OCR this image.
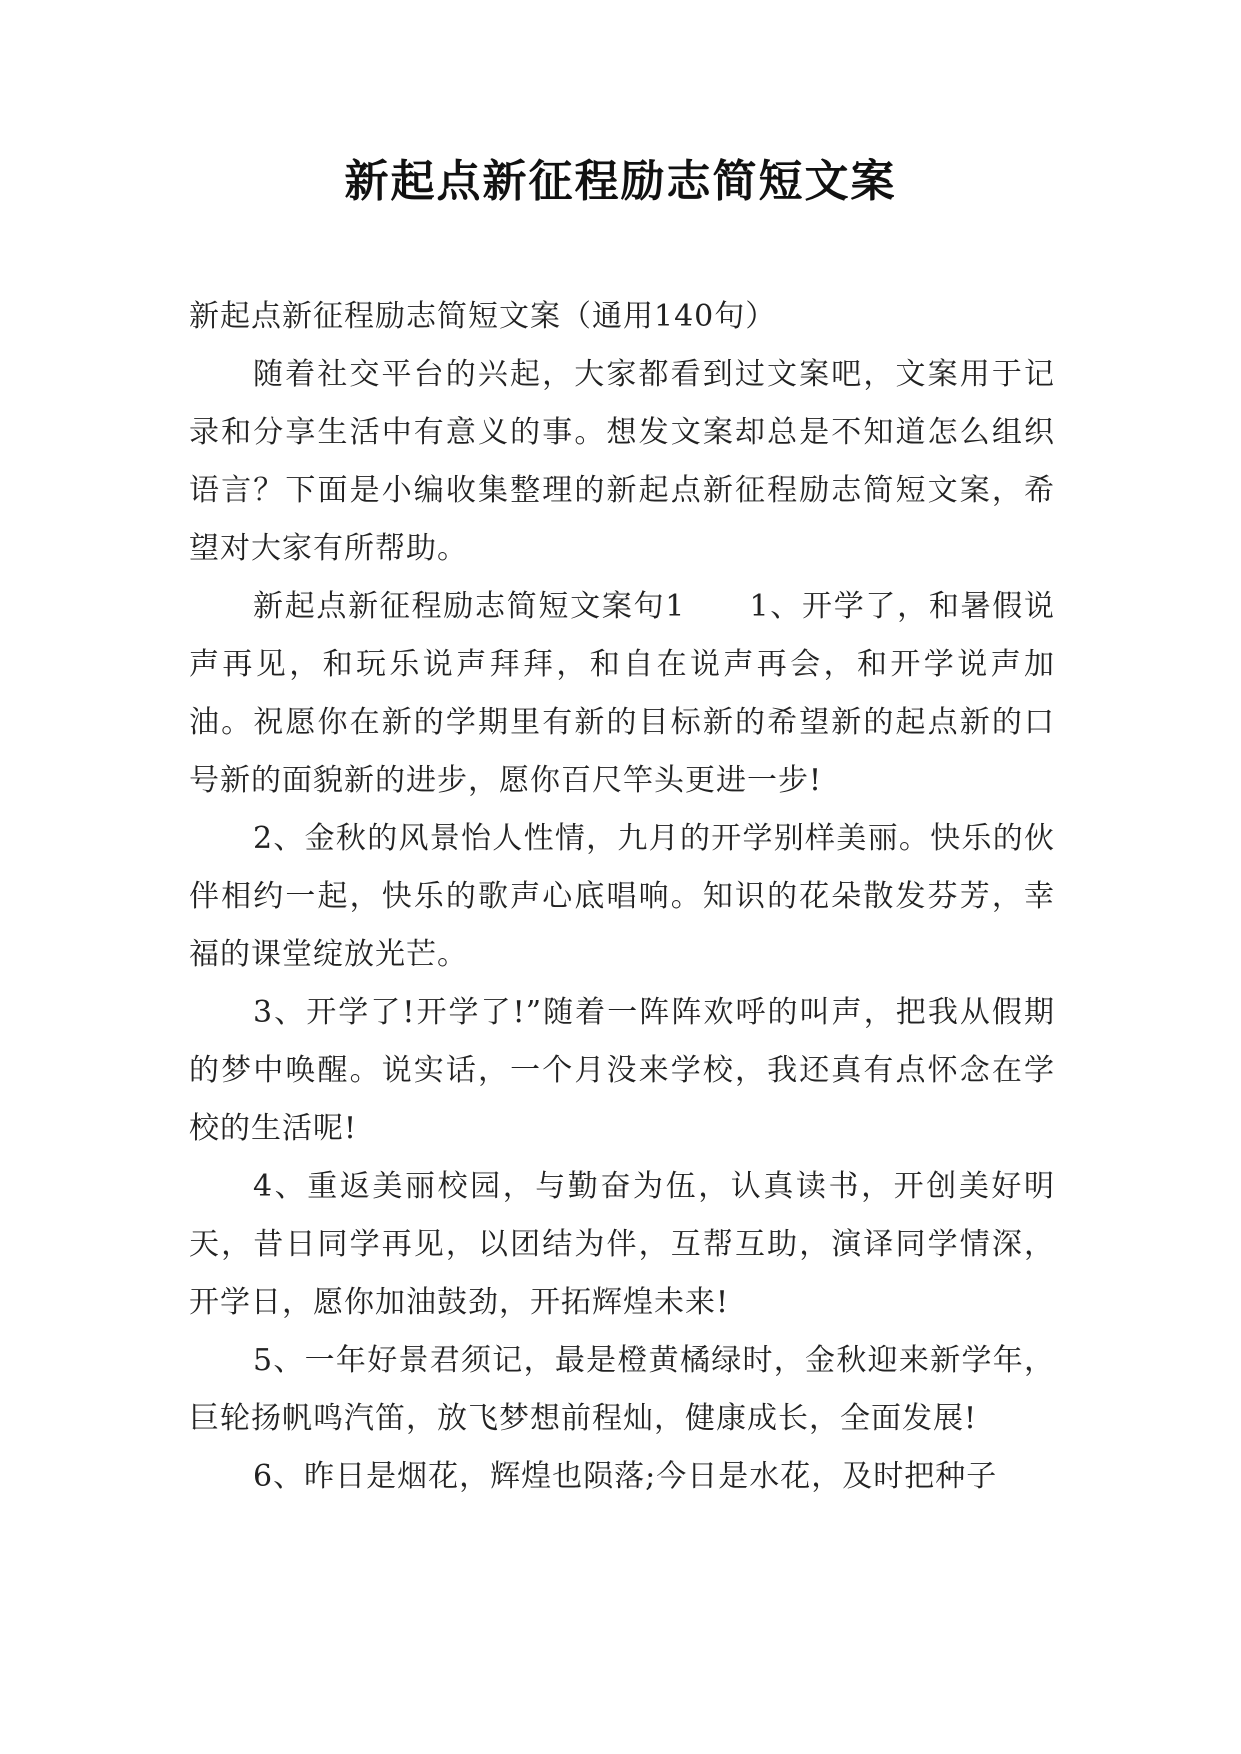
新起点新征程励志简短文案

新起点新征程励志简短文案（通用140句）

随着社交平台的兴起，大家都看到过文案吧，文案用于记录和分享生活中有意义的事。想发文案却总是不知道怎么组织语言？下面是小编收集整理的新起点新征程励志简短文案，希望对大家有所帮助。

新起点新征程励志简短文案句1　　1、开学了，和暑假说声再见，和玩乐说声拜拜，和自在说声再会，和开学说声加油。祝愿你在新的学期里有新的目标新的希望新的起点新的口号新的面貌新的进步，愿你百尺竿头更进一步!

2、金秋的风景怡人性情，九月的开学别样美丽。快乐的伙伴相约一起，快乐的歌声心底唱响。知识的花朵散发芬芳，幸福的课堂绽放光芒。

3、开学了!开学了!”随着一阵阵欢呼的叫声，把我从假期的梦中唤醒。说实话，一个月没来学校，我还真有点怀念在学校的生活呢!

4、重返美丽校园，与勤奋为伍，认真读书，开创美好明天，昔日同学再见，以团结为伴，互帮互助，演译同学情深，开学日，愿你加油鼓劲，开拓辉煌未来!

5、一年好景君须记，最是橙黄橘绿时，金秋迎来新学年，巨轮扬帆鸣汽笛，放飞梦想前程灿，健康成长，全面发展!

6、昨日是烟花，辉煌也陨落;今日是水花，及时把种子
